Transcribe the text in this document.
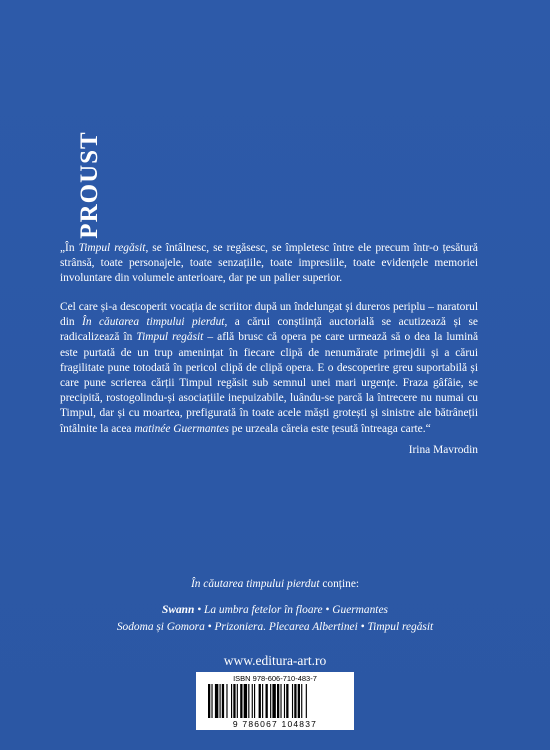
PROUST
„În Timpul regăsit, se întâlnesc, se regăsesc, se împletesc între ele precum într-o țesătură strânsă, toate personajele, toate senzațiile, toate impresiile, toate evidențele memoriei involuntare din volumele anterioare, dar pe un palier superior.
Cel care și-a descoperit vocația de scriitor după un îndelungat și dureros periplu – naratorul din În căutarea timpului pierdut, a cărui conștiință auctorială se acutizează și se radicalizează în Timpul regăsit – află brusc că opera pe care urmează să o dea la lumină este purtată de un trup amenințat în fiecare clipă de nenumărate primejdii și a cărui fragilitate pune totodată în pericol clipă de clipă opera. E o descoperire greu suportabilă și care pune scrierea cărții Timpul regăsit sub semnul unei mari urgențe. Fraza gâfâie, se precipită, rostogolindu-și asociațiile inepuizabile, luându-se parcă la întrecere nu numai cu Timpul, dar și cu moartea, prefigurată în toate acele măști grotești și sinistre ale bătrâneții întâlnite la acea matinée Guermantes pe urzeala căreia este țesută întreaga carte.“
Irina Mavrodin
În căutarea timpului pierdut conține:
Swann • La umbra fetelor în floare • Guermantes
Sodoma și Gomora • Prizoniera. Plecarea Albertinei • Timpul regăsit
www.editura-art.ro
ISBN 978-606-710-483-7
9 786067 104837
